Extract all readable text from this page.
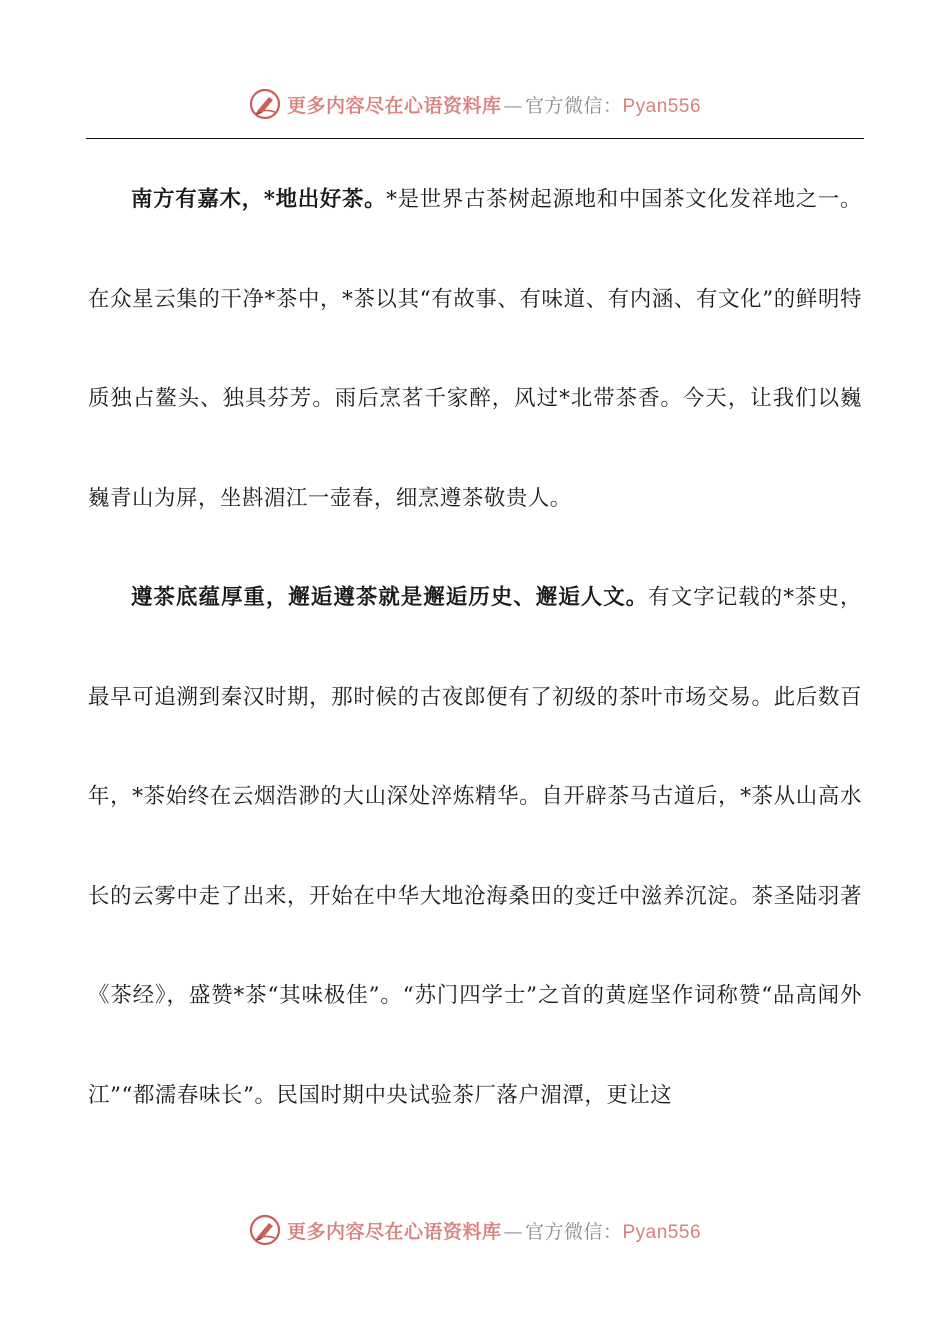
更多内容尽在心语资料库 — 官方微信： Pyan556

南方有嘉木，*地出好茶。*是世界古茶树起源地和中国茶文化发祥地之一。在众星云集的干净*茶中，*茶以其“有故事、有味道、有内涵、有文化”的鲜明特质独占鳌头、独具芬芳。雨后烹茗千家醉，风过*北带茶香。今天，让我们以巍巍青山为屏，坐斟湄江一壶春，细烹遵茶敬贵人。

遵茶底蕴厚重，邂逅遵茶就是邂逅历史、邂逅人文。有文字记载的*茶史，最早可追溯到秦汉时期，那时候的古夜郎便有了初级的茶叶市场交易。此后数百年，*茶始终在云烟浩渺的大山深处淬炼精华。自开辟茶马古道后，*茶从山高水长的云雾中走了出来，开始在中华大地沧海桑田的变迁中滋养沉淀。茶圣陆羽著《茶经》，盛赞*茶“其味极佳”。“苏门四学士”之首的黄庭坚作词称赞“品高闻外江”“都濡春味长”。民国时期中央试验茶厂落户湄潭，更让这

更多内容尽在心语资料库 — 官方微信： Pyan556
